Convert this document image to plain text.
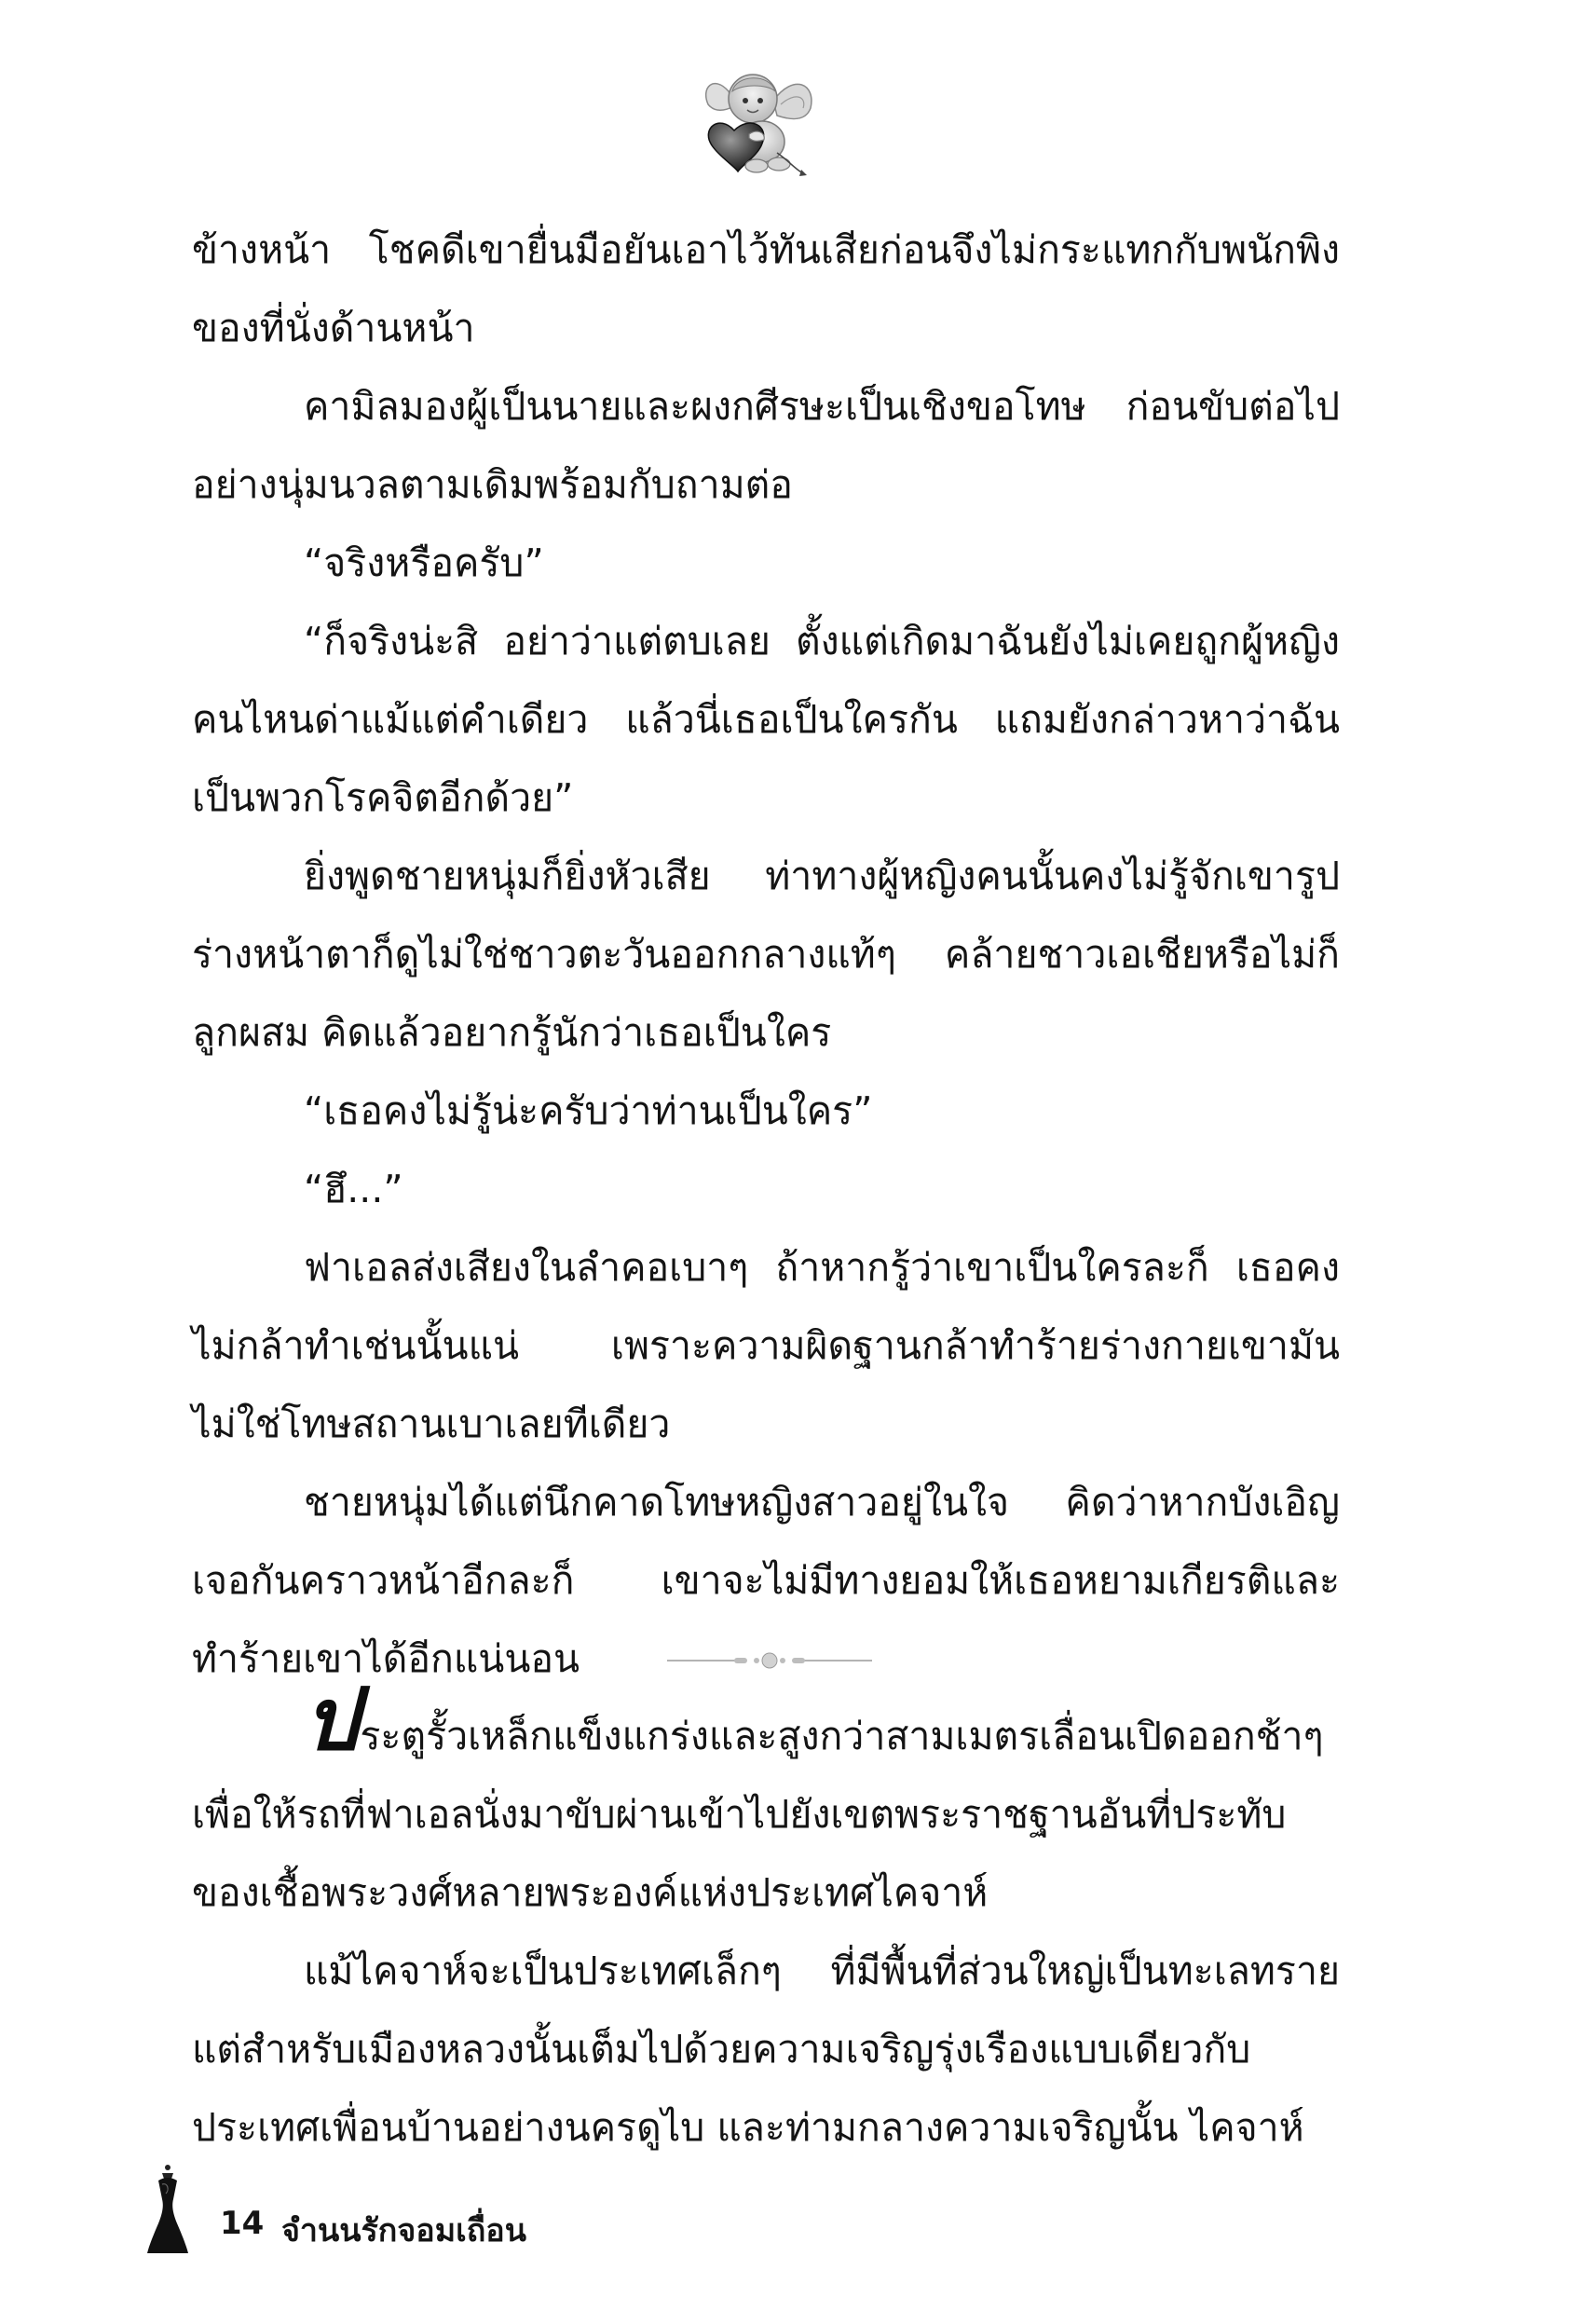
ข้างหน้า โชคดีเขายื่นมือยันเอาไว้ทันเสียก่อนจึงไม่กระแทกกับพนักพิงของที่นั่งด้านหน้า

คามิลมองผู้เป็นนายและผงกศีรษะเป็นเชิงขอโทษ ก่อนขับต่อไปอย่างนุ่มนวลตามเดิมพร้อมกับถามต่อ

“จริงหรือครับ”

“ก็จริงน่ะสิ อย่าว่าแต่ตบเลย ตั้งแต่เกิดมาฉันยังไม่เคยถูกผู้หญิงคนไหนด่าแม้แต่คำเดียว แล้วนี่เธอเป็นใครกัน แถมยังกล่าวหาว่าฉันเป็นพวกโรคจิตอีกด้วย”

ยิ่งพูดชายหนุ่มก็ยิ่งหัวเสีย ท่าทางผู้หญิงคนนั้นคงไม่รู้จักเขารูปร่างหน้าตาก็ดูไม่ใช่ชาวตะวันออกกลางแท้ๆ คล้ายชาวเอเชียหรือไม่ก็ลูกผสม คิดแล้วอยากรู้นักว่าเธอเป็นใคร

“เธอคงไม่รู้น่ะครับว่าท่านเป็นใคร”

“ฮึ...”

ฟาเอลส่งเสียงในลำคอเบาๆ ถ้าหากรู้ว่าเขาเป็นใครละก็ เธอคงไม่กล้าทำเช่นนั้นแน่ เพราะความผิดฐานกล้าทำร้ายร่างกายเขามันไม่ใช่โทษสถานเบาเลยทีเดียว

ชายหนุ่มได้แต่นึกคาดโทษหญิงสาวอยู่ในใจ คิดว่าหากบังเอิญเจอกันคราวหน้าอีกละก็ เขาจะไม่มีทางยอมให้เธอหยามเกียรติและทำร้ายเขาได้อีกแน่นอน

ประตูรั้วเหล็กแข็งแกร่งและสูงกว่าสามเมตรเลื่อนเปิดออกช้าๆ เพื่อให้รถที่ฟาเอลนั่งมาขับผ่านเข้าไปยังเขตพระราชฐานอันที่ประทับของเชื้อพระวงศ์หลายพระองค์แห่งประเทศไคจาห์

แม้ไคจาห์จะเป็นประเทศเล็กๆ ที่มีพื้นที่ส่วนใหญ่เป็นทะเลทรายแต่สำหรับเมืองหลวงนั้นเต็มไปด้วยความเจริญรุ่งเรืองแบบเดียวกับประเทศเพื่อนบ้านอย่างนครดูไบ และท่ามกลางความเจริญนั้น ไคจาห์

14 จำนนรักจอมเถื่อน
